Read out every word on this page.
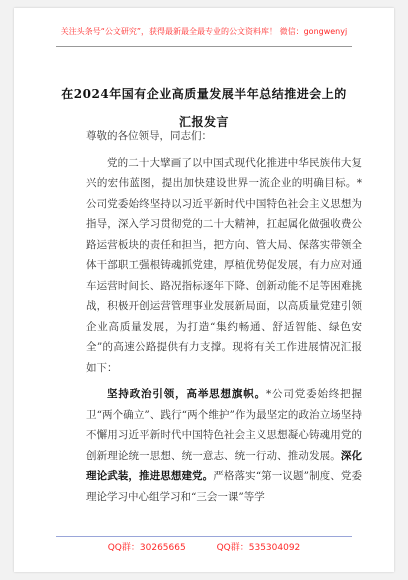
关注头条号“公文研究”，获得最新最全最专业的公文资料库！ 微信：gongwenyj
在2024年国有企业高质量发展半年总结推进会上的汇报发言

尊敬的各位领导，同志们：

党的二十大擘画了以中国式现代化推进中华民族伟大复兴的宏伟蓝图，提出加快建设世界一流企业的明确目标。*公司党委始终坚持以习近平新时代中国特色社会主义思想为指导，深入学习贯彻党的二十大精神，扛起属化做强收费公路运营板块的责任和担当，把方向、管大局、保落实带领全体干部职工强根铸魂抓党建，厚植优势促发展，有力应对通车运营时间长、路况指标逐年下降、创新动能不足等困难挑战，积极开创运营管理事业发展新局面，以高质量党建引领企业高质量发展，为打造“集约畅通、舒适智能、绿色安全”的高速公路提供有力支撑。现将有关工作进展情况汇报如下：

坚持政治引领，高举思想旗帜。*公司党委始终把握卫“两个确立”、践行“两个维护”作为最坚定的政治立场坚持不懈用习近平新时代中国特色社会主义思想凝心铸魂用党的创新理论统一思想、统一意志、统一行动、推动发展。深化理论武装，推进思想建党。严格落实“第一议题”制度、党委理论学习中心组学习和“三会一课”等学

QQ群：30265665	QQ群：535304092
